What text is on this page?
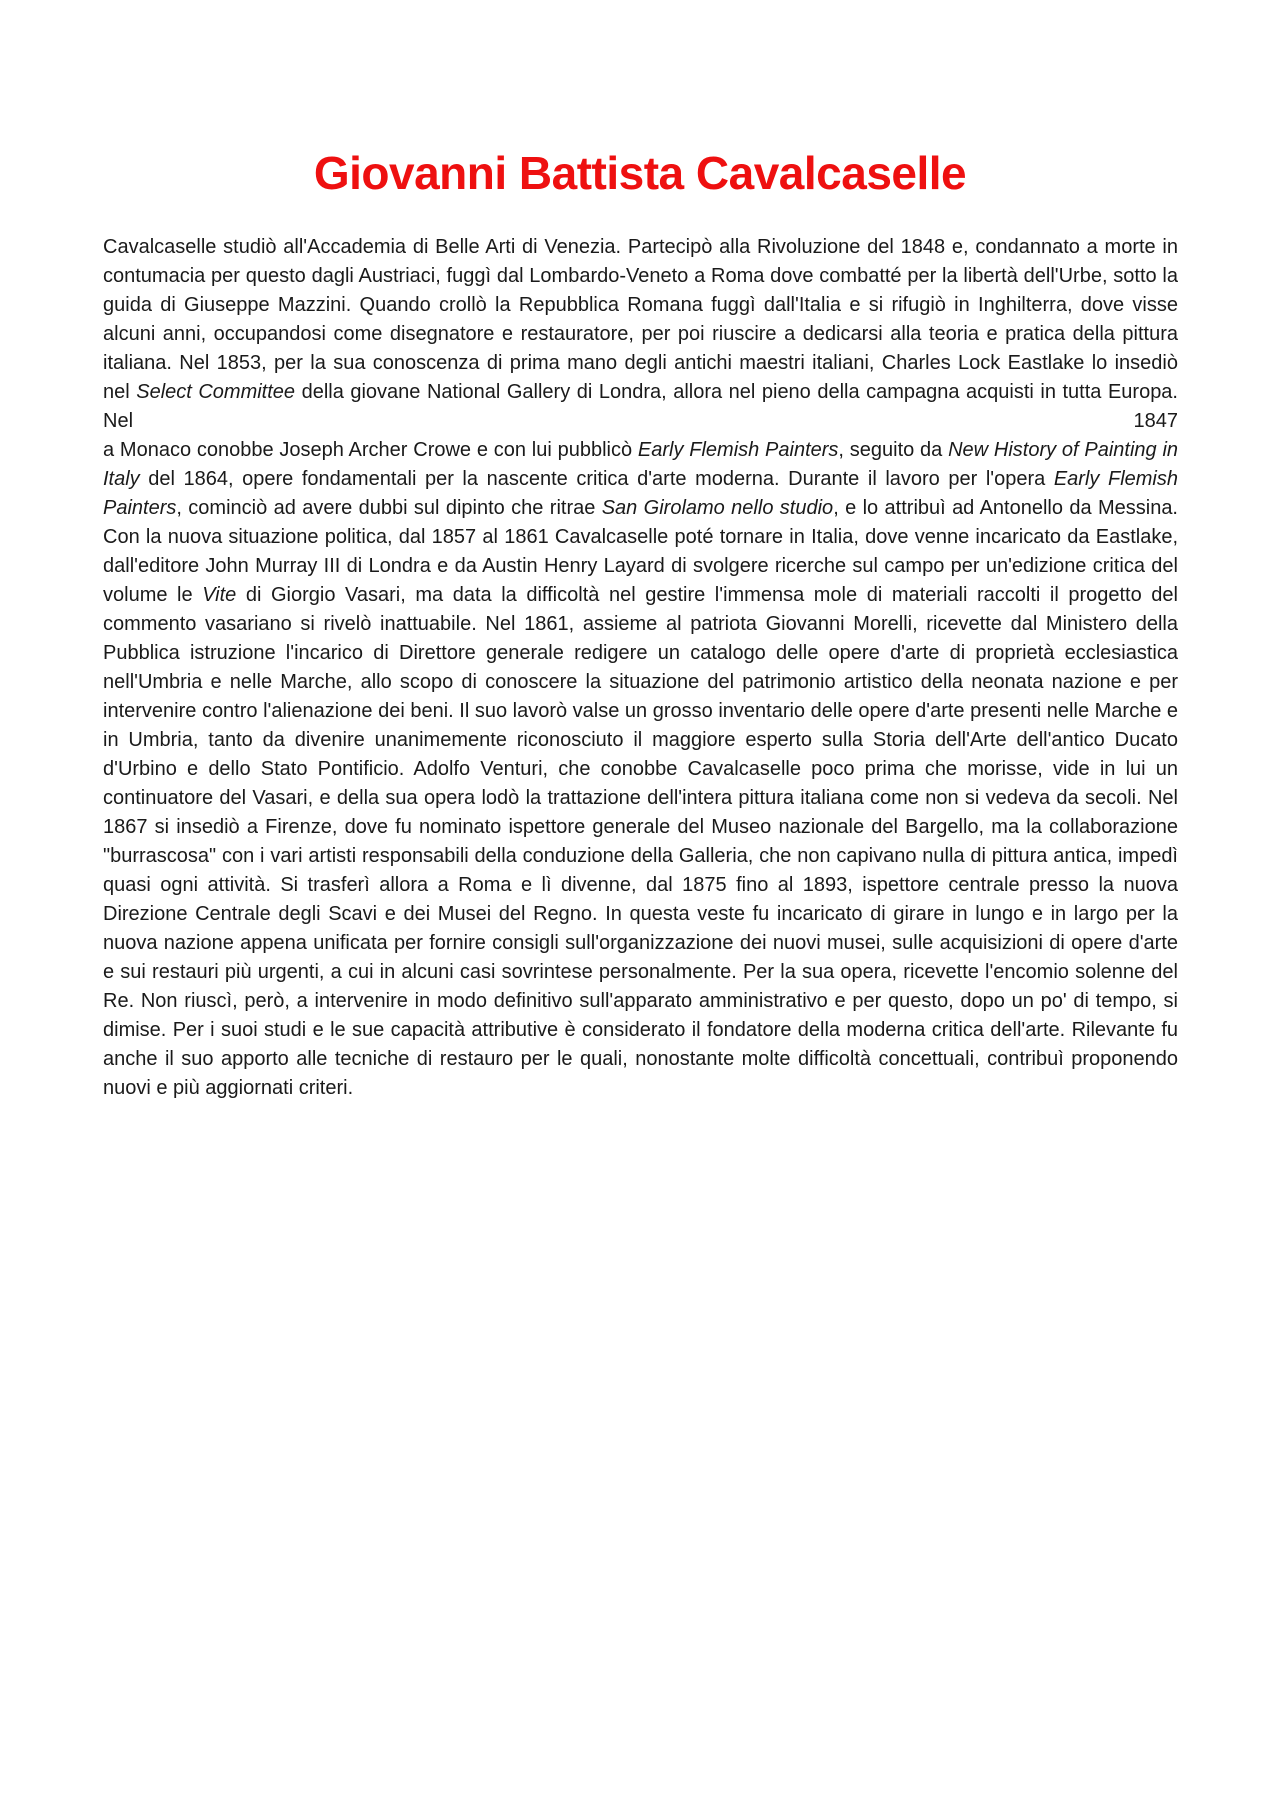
Giovanni Battista Cavalcaselle
Cavalcaselle studiò all'Accademia di Belle Arti di Venezia. Partecipò alla Rivoluzione del 1848 e, condannato a morte in contumacia per questo dagli Austriaci, fuggì dal Lombardo-Veneto a Roma dove combatté per la libertà dell'Urbe, sotto la guida di Giuseppe Mazzini. Quando crollò la Repubblica Romana fuggì dall'Italia e si rifugiò in Inghilterra, dove visse alcuni anni, occupandosi come disegnatore e restauratore, per poi riuscire a dedicarsi alla teoria e pratica della pittura italiana. Nel 1853, per la sua conoscenza di prima mano degli antichi maestri italiani, Charles Lock Eastlake lo insediò nel Select Committee della giovane National Gallery di Londra, allora nel pieno della campagna acquisti in tutta Europa. Nel 1847
a Monaco conobbe Joseph Archer Crowe e con lui pubblicò Early Flemish Painters, seguito da New History of Painting in Italy del 1864, opere fondamentali per la nascente critica d'arte moderna. Durante il lavoro per l'opera Early Flemish Painters, cominciò ad avere dubbi sul dipinto che ritrae San Girolamo nello studio, e lo attribuì ad Antonello da Messina. Con la nuova situazione politica, dal 1857 al 1861 Cavalcaselle poté tornare in Italia, dove venne incaricato da Eastlake, dall'editore John Murray III di Londra e da Austin Henry Layard di svolgere ricerche sul campo per un'edizione critica del volume le Vite di Giorgio Vasari, ma data la difficoltà nel gestire l'immensa mole di materiali raccolti il progetto del commento vasariano si rivelò inattuabile. Nel 1861, assieme al patriota Giovanni Morelli, ricevette dal Ministero della Pubblica istruzione l'incarico di Direttore generale redigere un catalogo delle opere d'arte di proprietà ecclesiastica nell'Umbria e nelle Marche, allo scopo di conoscere la situazione del patrimonio artistico della neonata nazione e per intervenire contro l'alienazione dei beni. Il suo lavorò valse un grosso inventario delle opere d'arte presenti nelle Marche e in Umbria, tanto da divenire unanimemente riconosciuto il maggiore esperto sulla Storia dell'Arte dell'antico Ducato d'Urbino e dello Stato Pontificio. Adolfo Venturi, che conobbe Cavalcaselle poco prima che morisse, vide in lui un continuatore del Vasari, e della sua opera lodò la trattazione dell'intera pittura italiana come non si vedeva da secoli. Nel 1867 si insediò a Firenze, dove fu nominato ispettore generale del Museo nazionale del Bargello, ma la collaborazione "burrascosa" con i vari artisti responsabili della conduzione della Galleria, che non capivano nulla di pittura antica, impedì quasi ogni attività. Si trasferì allora a Roma e lì divenne, dal 1875 fino al 1893, ispettore centrale presso la nuova Direzione Centrale degli Scavi e dei Musei del Regno. In questa veste fu incaricato di girare in lungo e in largo per la nuova nazione appena unificata per fornire consigli sull'organizzazione dei nuovi musei, sulle acquisizioni di opere d'arte e sui restauri più urgenti, a cui in alcuni casi sovrintese personalmente. Per la sua opera, ricevette l'encomio solenne del Re. Non riuscì, però, a intervenire in modo definitivo sull'apparato amministrativo e per questo, dopo un po' di tempo, si dimise. Per i suoi studi e le sue capacità attributive è considerato il fondatore della moderna critica dell'arte. Rilevante fu anche il suo apporto alle tecniche di restauro per le quali, nonostante molte difficoltà concettuali, contribuì proponendo nuovi e più aggiornati criteri.
